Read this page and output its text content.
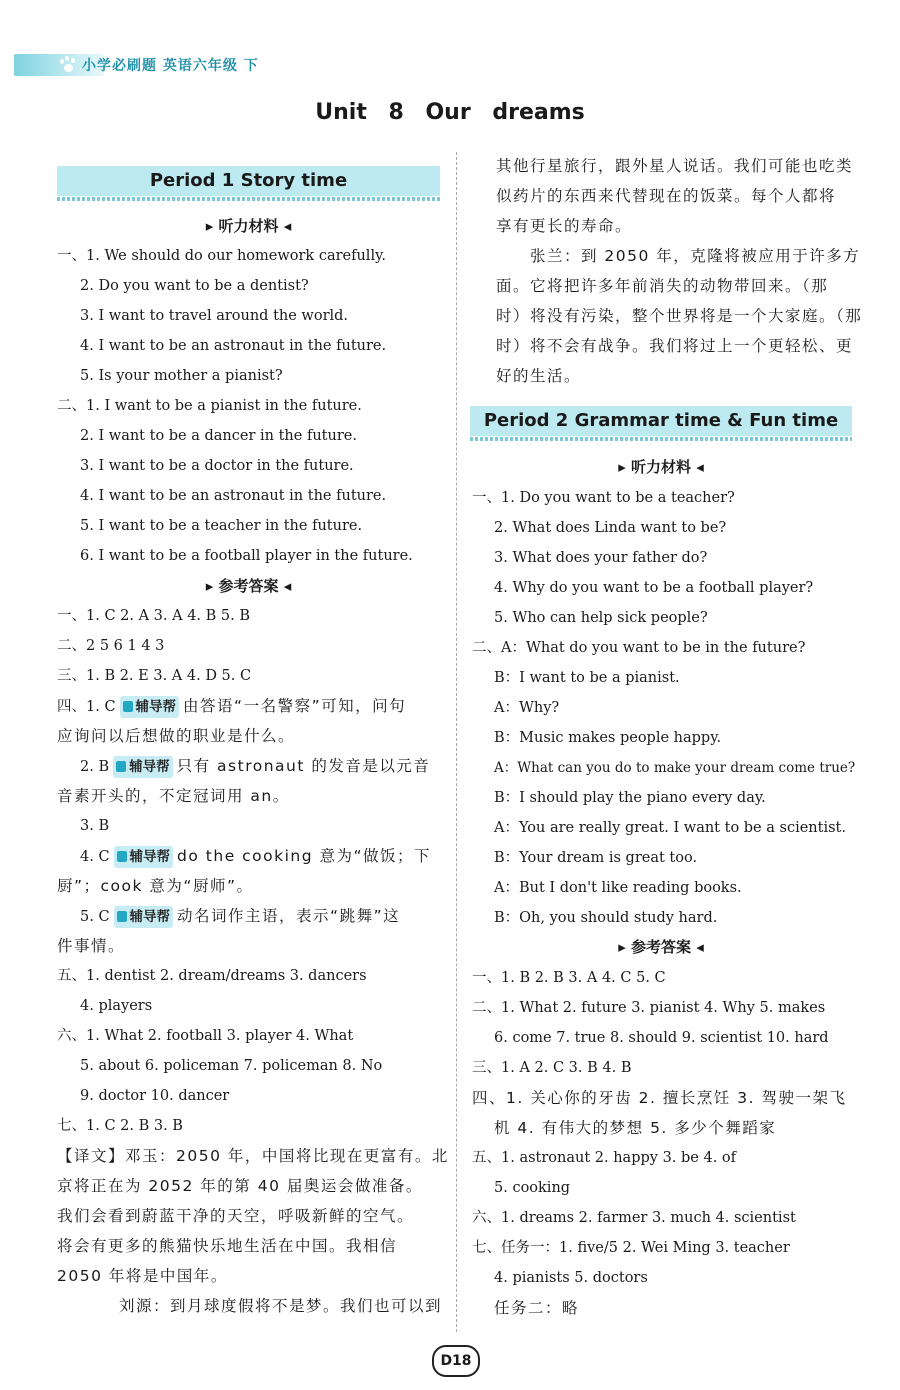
小学必刷题 英语六年级 下
Unit 8 Our dreams
Period 1 Story time
▸ 听力材料 ◂
▸ 参考答案 ◂
一、1. We should do our homework carefully.
2. Do you want to be a dentist?
3. I want to travel around the world.
4. I want to be an astronaut in the future.
5. Is your mother a pianist?
二、1. I want to be a pianist in the future.
2. I want to be a dancer in the future.
3. I want to be a doctor in the future.
4. I want to be an astronaut in the future.
5. I want to be a teacher in the future.
6. I want to be a football player in the future.
一、1. C 2. A 3. A 4. B 5. B
二、2 5 6 1 4 3
三、1. B 2. E 3. A 4. D 5. C
四、1. C 辅导帮 由答语“一名警察”可知，问句
应询问以后想做的职业是什么。
2. B 辅导帮 只有 astronaut 的发音是以元音
音素开头的，不定冠词用 an。
3. B
4. C 辅导帮 do the cooking 意为“做饭；下
厨”；cook 意为“厨师”。
5. C 辅导帮 动名词作主语，表示“跳舞”这
件事情。
五、1. dentist 2. dream/dreams 3. dancers
4. players
六、1. What 2. football 3. player 4. What
5. about 6. policeman 7. policeman 8. No
9. doctor 10. dancer
七、1. C 2. B 3. B
【译文】邓玉：2050 年，中国将比现在更富有。北
京将正在为 2052 年的第 40 届奥运会做准备。
我们会看到蔚蓝干净的天空，呼吸新鲜的空气。
将会有更多的熊猫快乐地生活在中国。我相信
2050 年将是中国年。
刘源：到月球度假将不是梦。我们也可以到
其他行星旅行，跟外星人说话。我们可能也吃类
似药片的东西来代替现在的饭菜。每个人都将
享有更长的寿命。
张兰：到 2050 年，克隆将被应用于许多方
面。它将把许多年前消失的动物带回来。（那
时）将没有污染，整个世界将是一个大家庭。（那
时）将不会有战争。我们将过上一个更轻松、更
好的生活。
一、1. Do you want to be a teacher?
2. What does Linda want to be?
3. What does your father do?
4. Why do you want to be a football player?
5. Who can help sick people?
二、A：What do you want to be in the future?
B：I want to be a pianist.
A：Why?
B：Music makes people happy.
A：What can you do to make your dream come true?
B：I should play the piano every day.
A：You are really great. I want to be a scientist.
B：Your dream is great too.
A：But I don't like reading books.
B：Oh, you should study hard.
一、1. B 2. B 3. A 4. C 5. C
二、1. What 2. future 3. pianist 4. Why 5. makes
6. come 7. true 8. should 9. scientist 10. hard
三、1. A 2. C 3. B 4. B
四、1. 关心你的牙齿 2. 擅长烹饪 3. 驾驶一架飞
机 4. 有伟大的梦想 5. 多少个舞蹈家
五、1. astronaut 2. happy 3. be 4. of
5. cooking
六、1. dreams 2. farmer 3. much 4. scientist
七、任务一：1. five/5 2. Wei Ming 3. teacher
4. pianists 5. doctors
任务二：略
Period 2 Grammar time & Fun time
▸ 听力材料 ◂
▸ 参考答案 ◂
D18
